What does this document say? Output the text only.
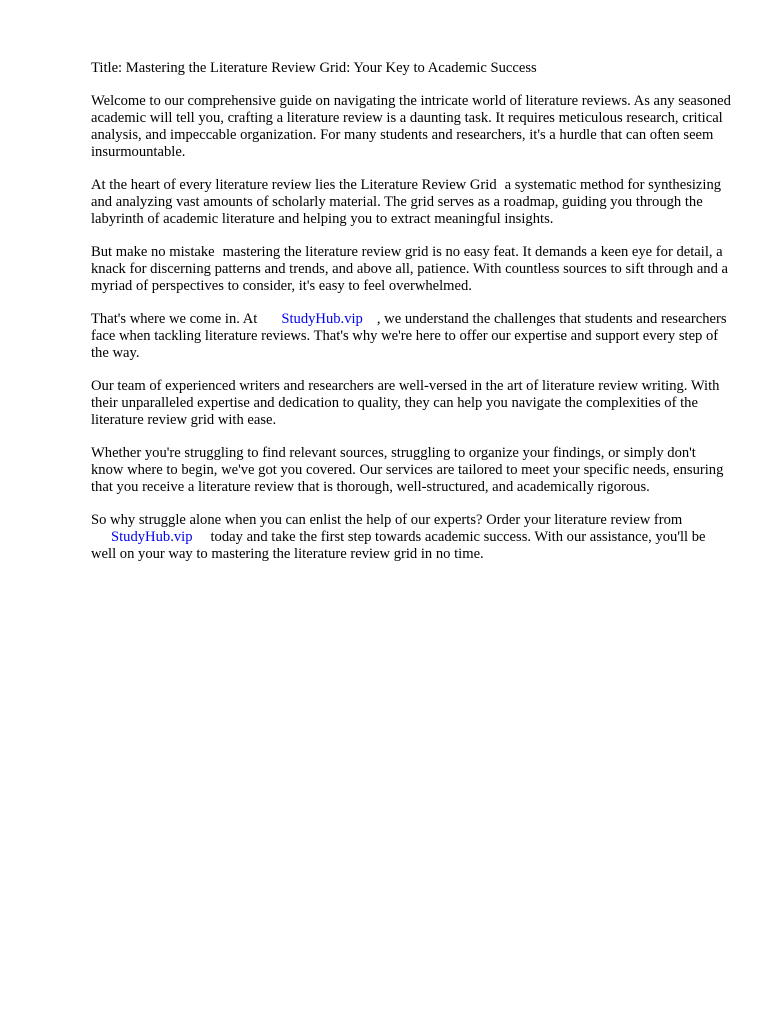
Title: Mastering the Literature Review Grid: Your Key to Academic Success

Welcome to our comprehensive guide on navigating the intricate world of literature reviews. As any seasoned academic will tell you, crafting a literature review is a daunting task. It requires meticulous research, critical analysis, and impeccable organization. For many students and researchers, it's a hurdle that can often seem insurmountable.

At the heart of every literature review lies the Literature Review Grid a systematic method for synthesizing and analyzing vast amounts of scholarly material. The grid serves as a roadmap, guiding you through the labyrinth of academic literature and helping you to extract meaningful insights.

But make no mistake mastering the literature review grid is no easy feat. It demands a keen eye for detail, a knack for discerning patterns and trends, and above all, patience. With countless sources to sift through and a myriad of perspectives to consider, it's easy to feel overwhelmed.

That's where we come in. At StudyHub.vip , we understand the challenges that students and researchers face when tackling literature reviews. That's why we're here to offer our expertise and support every step of the way.

Our team of experienced writers and researchers are well-versed in the art of literature review writing. With their unparalleled expertise and dedication to quality, they can help you navigate the complexities of the literature review grid with ease.

Whether you're struggling to find relevant sources, struggling to organize your findings, or simply don't know where to begin, we've got you covered. Our services are tailored to meet your specific needs, ensuring that you receive a literature review that is thorough, well-structured, and academically rigorous.

So why struggle alone when you can enlist the help of our experts? Order your literature review fromStudyHub.vip today and take the first step towards academic success. With our assistance, you'll be well on your way to mastering the literature review grid in no time.
